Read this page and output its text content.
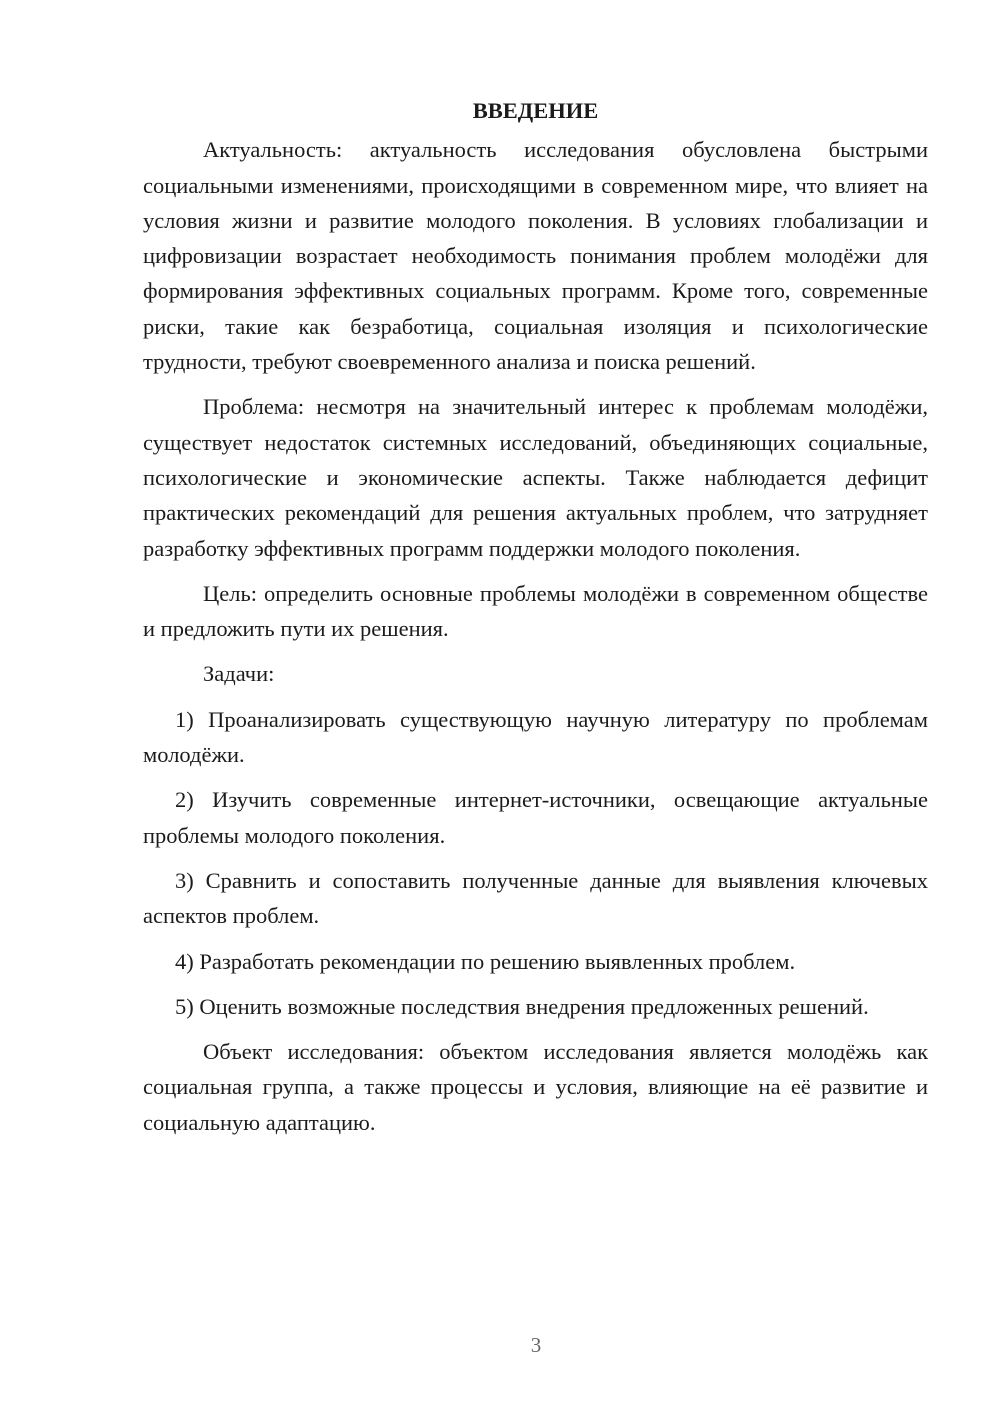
ВВЕДЕНИЕ

Актуальность: актуальность исследования обусловлена быстрыми социальными изменениями, происходящими в современном мире, что влияет на условия жизни и развитие молодого поколения. В условиях глобализации и цифровизации возрастает необходимость понимания проблем молодёжи для формирования эффективных социальных программ. Кроме того, современные риски, такие как безработица, социальная изоляция и психологические трудности, требуют своевременного анализа и поиска решений.

Проблема: несмотря на значительный интерес к проблемам молодёжи, существует недостаток системных исследований, объединяющих социальные, психологические и экономические аспекты. Также наблюдается дефицит практических рекомендаций для решения актуальных проблем, что затрудняет разработку эффективных программ поддержки молодого поколения.

Цель: определить основные проблемы молодёжи в современном обществе и предложить пути их решения.

Задачи:

1) Проанализировать существующую научную литературу по проблемам молодёжи.

2) Изучить современные интернет-источники, освещающие актуальные проблемы молодого поколения.

3) Сравнить и сопоставить полученные данные для выявления ключевых аспектов проблем.

4) Разработать рекомендации по решению выявленных проблем.

5) Оценить возможные последствия внедрения предложенных решений.

Объект исследования: объектом исследования является молодёжь как социальная группа, а также процессы и условия, влияющие на её развитие и социальную адаптацию.

3
